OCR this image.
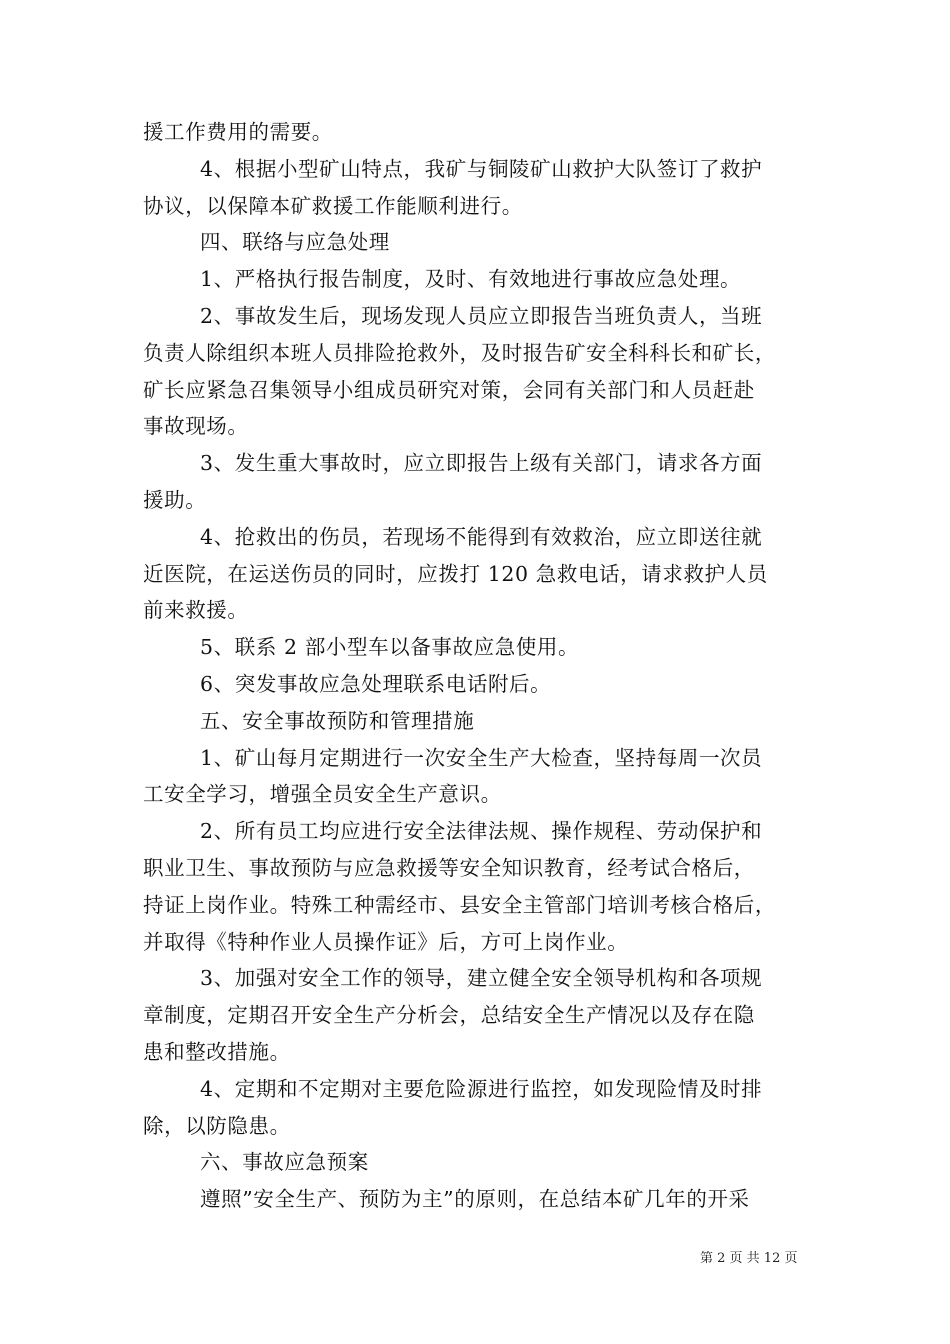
援工作费用的需要。
4、根据小型矿山特点，我矿与铜陵矿山救护大队签订了救护
协议，以保障本矿救援工作能顺利进行。
四、联络与应急处理
1、严格执行报告制度，及时、有效地进行事故应急处理。
2、事故发生后，现场发现人员应立即报告当班负责人，当班
负责人除组织本班人员排险抢救外，及时报告矿安全科科长和矿长，
矿长应紧急召集领导小组成员研究对策，会同有关部门和人员赶赴
事故现场。
3、发生重大事故时，应立即报告上级有关部门，请求各方面
援助。
4、抢救出的伤员，若现场不能得到有效救治，应立即送往就
近医院，在运送伤员的同时，应拨打 120 急救电话，请求救护人员
前来救援。
5、联系 2 部小型车以备事故应急使用。
6、突发事故应急处理联系电话附后。
五、安全事故预防和管理措施
1、矿山每月定期进行一次安全生产大检查，坚持每周一次员
工安全学习，增强全员安全生产意识。
2、所有员工均应进行安全法律法规、操作规程、劳动保护和
职业卫生、事故预防与应急救援等安全知识教育，经考试合格后，
持证上岗作业。特殊工种需经市、县安全主管部门培训考核合格后，
并取得《特种作业人员操作证》后，方可上岗作业。
3、加强对安全工作的领导，建立健全安全领导机构和各项规
章制度，定期召开安全生产分析会，总结安全生产情况以及存在隐
患和整改措施。
4、定期和不定期对主要危险源进行监控，如发现险情及时排
除，以防隐患。
六、事故应急预案
遵照”安全生产、预防为主”的原则，在总结本矿几年的开采
第 2 页 共 12 页
